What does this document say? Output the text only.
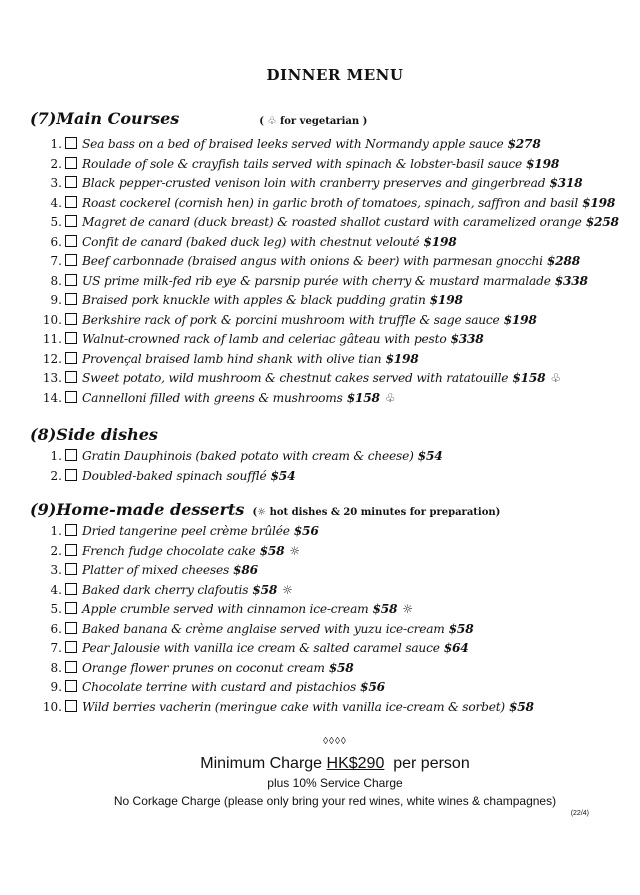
DINNER MENU
(7)Main Courses	( ♧ for vegetarian )
1. Sea bass on a bed of braised leeks served with Normandy apple sauce $278
2. Roulade of sole & crayfish tails served with spinach & lobster-basil sauce $198
3. Black pepper-crusted venison loin with cranberry preserves and gingerbread $318
4. Roast cockerel (cornish hen) in garlic broth of tomatoes, spinach, saffron and basil $198
5. Magret de canard (duck breast) & roasted shallot custard with caramelized orange $258
6. Confit de canard (baked duck leg) with chestnut velouté $198
7. Beef carbonnade (braised angus with onions & beer) with parmesan gnocchi $288
8. US prime milk-fed rib eye & parsnip purée with cherry & mustard marmalade $338
9. Braised pork knuckle with apples & black pudding gratin $198
10. Berkshire rack of pork & porcini mushroom with truffle & sage sauce $198
11. Walnut-crowned rack of lamb and celeriac gâteau with pesto $338
12. Provençal braised lamb hind shank with olive tian $198
13. Sweet potato, wild mushroom & chestnut cakes served with ratatouille $158 ♧
14. Cannelloni filled with greens & mushrooms $158 ♧
(8)Side dishes
1. Gratin Dauphinois (baked potato with cream & cheese) $54
2. Doubled-baked spinach soufflé $54
(9)Home-made desserts (☼ hot dishes & 20 minutes for preparation)
1. Dried tangerine peel crème brûlée $56
2. French fudge chocolate cake $58 ☼
3. Platter of mixed cheeses $86
4. Baked dark cherry clafoutis $58 ☼
5. Apple crumble served with cinnamon ice-cream $58 ☼
6. Baked banana & crème anglaise served with yuzu ice-cream $58
7. Pear Jalousie with vanilla ice cream & salted caramel sauce $64
8. Orange flower prunes on coconut cream $58
9. Chocolate terrine with custard and pistachios $56
10. Wild berries vacherin (meringue cake with vanilla ice-cream & sorbet) $58
◊◊◊◊
Minimum Charge HK$290  per person
plus 10% Service Charge
No Corkage Charge (please only bring your red wines, white wines & champagnes)
(22/4)
